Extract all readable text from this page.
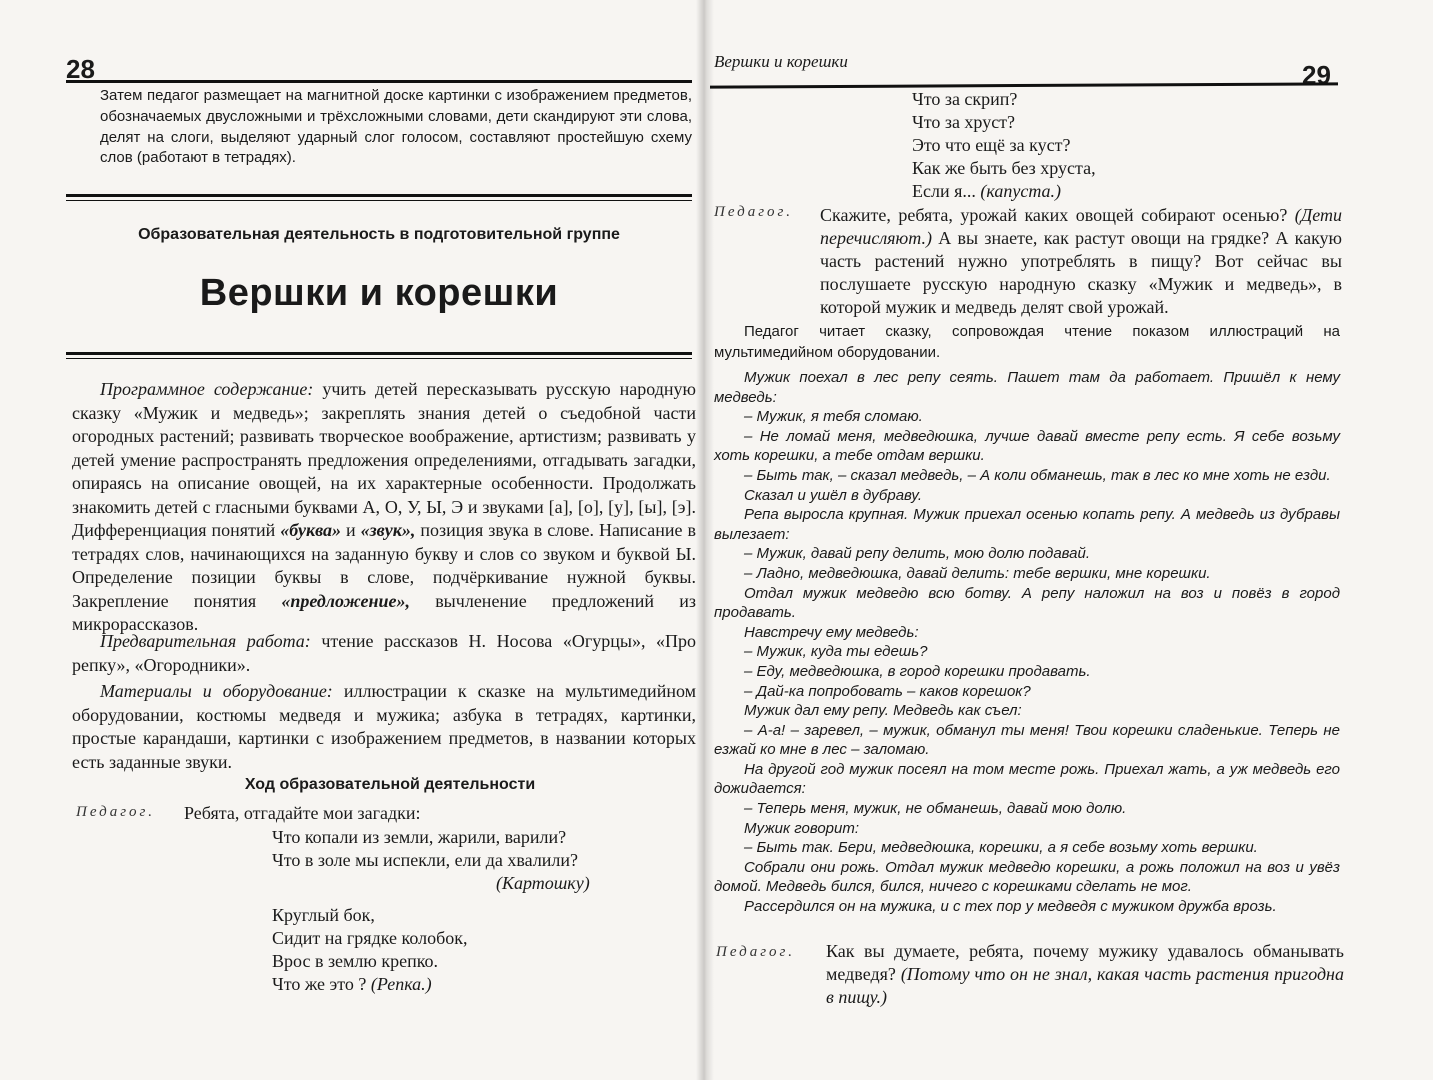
28
Затем педагог размещает на магнитной доске картинки с изображением предметов, обозначаемых двусложными и трёхсложными словами, дети скандируют эти слова, делят на слоги, выделяют ударный слог голосом, составляют простейшую схему слов (работают в тетрадях).
Образовательная деятельность в подготовительной группе
Вершки и корешки
Программное содержание: учить детей пересказывать русскую народную сказку «Мужик и медведь»; закреплять знания детей о съедобной части огородных растений; развивать творческое воображение, артистизм; развивать у детей умение распространять предложения определениями, отгадывать загадки, опираясь на описание овощей, на их характерные особенности. Продолжать знакомить детей с гласными буквами А, О, У, Ы, Э и звуками [а], [о], [у], [ы], [э]. Дифференциация понятий «буква» и «звук», позиция звука в слове. Написание в тетрадях слов, начинающихся на заданную букву и слов со звуком и буквой Ы. Определение позиции буквы в слове, подчёркивание нужной буквы. Закрепление понятия «предложение», вычленение предложений из микрорассказов.
Предварительная работа: чтение рассказов Н. Носова «Огурцы», «Про репку», «Огородники».
Материалы и оборудование: иллюстрации к сказке на мультимедийном оборудовании, костюмы медведя и мужика; азбука в тетрадях, картинки, простые карандаши, картинки с изображением предметов, в названии которых есть заданные звуки.
Ход образовательной деятельности
Педагог. Ребята, отгадайте мои загадки:
Что копали из земли, жарили, варили?
Что в золе мы испекли, ели да хвалили?
(Картошку)
Круглый бок,
Сидит на грядке колобок,
Врос в землю крепко.
Что же это ? (Репка.)
Вершки и корешки	29
Что за скрип?
Что за хруст?
Это что ещё за куст?
Как же быть без хруста,
Если я... (капуста.)
Педагог. Скажите, ребята, урожай каких овощей собирают осенью? (Дети перечисляют.) А вы знаете, как растут овощи на грядке? А какую часть растений нужно употреблять в пищу? Вот сейчас вы послушаете русскую народную сказку «Мужик и медведь», в которой мужик и медведь делят свой урожай.
Педагог читает сказку, сопровождая чтение показом иллюстраций на мультимедийном оборудовании.

Мужик поехал в лес репу сеять. Пашет там да работает. Пришёл к нему медведь:

– Мужик, я тебя сломаю.

– Не ломай меня, медведюшка, лучше давай вместе репу есть. Я себе возьму хоть корешки, а тебе отдам вершки.

– Быть так, – сказал медведь, – А коли обманешь, так в лес ко мне хоть не езди.

Сказал и ушёл в дубраву.

Репа выросла крупная. Мужик приехал осенью копать репу. А медведь из дубравы вылезает:

– Мужик, давай репу делить, мою долю подавай.

– Ладно, медведюшка, давай делить: тебе вершки, мне корешки.

Отдал мужик медведю всю ботву. А репу наложил на воз и повёз в город продавать.

Навстречу ему медведь:

– Мужик, куда ты едешь?

– Еду, медведюшка, в город корешки продавать.

– Дай-ка попробовать – каков корешок?

Мужик дал ему репу. Медведь как съел:

– А-а! – заревел, – мужик, обманул ты меня! Твои корешки сладенькие. Теперь не езжай ко мне в лес – заломаю.

На другой год мужик посеял на том месте рожь. Приехал жать, а уж медведь его дожидается:

– Теперь меня, мужик, не обманешь, давай мою долю.

Мужик говорит:

– Быть так. Бери, медведюшка, корешки, а я себе возьму хоть вершки.

Собрали они рожь. Отдал мужик медведю корешки, а рожь положил на воз и увёз домой. Медведь бился, бился, ничего с корешками сделать не мог.

Рассердился он на мужика, и с тех пор у медведя с мужиком дружба врозь.

Педагог. Как вы думаете, ребята, почему мужику удавалось обманывать медведя? (Потому что он не знал, какая часть растения пригодна в пищу.)
